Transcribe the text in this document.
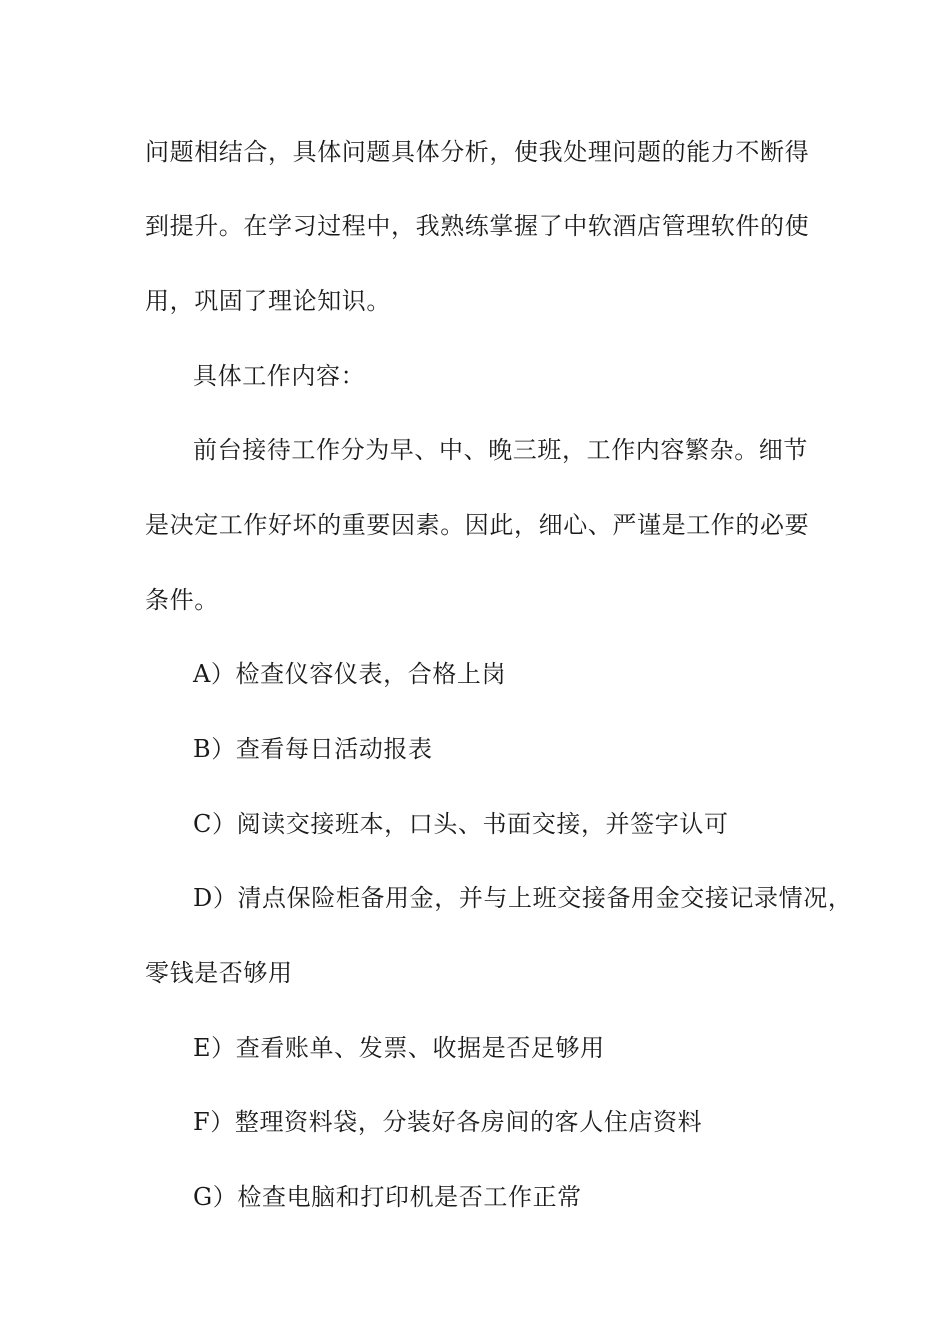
问题相结合，具体问题具体分析，使我处理问题的能力不断得
到提升。在学习过程中，我熟练掌握了中软酒店管理软件的使
用，巩固了理论知识。
具体工作内容：
前台接待工作分为早、中、晚三班，工作内容繁杂。细节
是决定工作好坏的重要因素。因此，细心、严谨是工作的必要
条件。
A）检查仪容仪表，合格上岗
B）查看每日活动报表
C）阅读交接班本，口头、书面交接，并签字认可
D）清点保险柜备用金，并与上班交接备用金交接记录情况，
零钱是否够用
E）查看账单、发票、收据是否足够用
F）整理资料袋，分装好各房间的客人住店资料
G）检查电脑和打印机是否工作正常
